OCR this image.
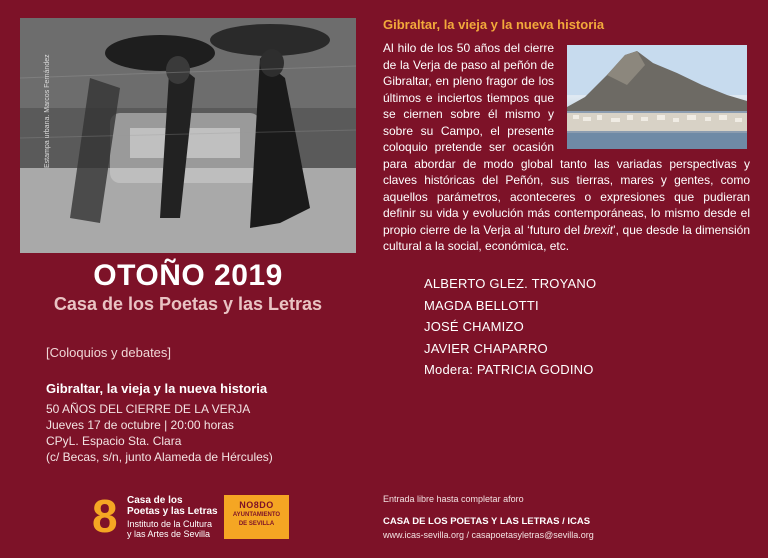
Estampa urbana. Marcos Fernández
OTOÑO 2019
Casa de los Poetas y las Letras
[Coloquios y debates]
Gibraltar, la vieja y la nueva historia
50 AÑOS DEL CIERRE DE LA VERJA
Jueves 17 de octubre | 20:00 horas
CPyL. Espacio Sta. Clara
(c/ Becas, s/n, junto Alameda de Hércules)
Gibraltar, la vieja y la nueva historia
Al hilo de los 50 años del cierre de la Verja de paso al peñón de Gibraltar, en pleno fragor de los últimos e inciertos tiempos que se ciernen sobre él mismo y sobre su Campo, el presente coloquio pretende ser ocasión para abordar de modo global tanto las variadas perspectivas y claves históricas del Peñón, sus tierras, mares y gentes, como aquellos parámetros, aconteceres o expresiones que pudieran definir su vida y evolución más contemporáneas, lo mismo desde el propio cierre de la Verja al ‘futuro del brexit’, que desde la dimensión cultural a la social, económica, etc.
ALBERTO GLEZ. TROYANO
MAGDA BELLOTTI
JOSÉ CHAMIZO
JAVIER CHAPARRO
Modera: PATRICIA GODINO
8 Casa de los
Poetas y las Letras
Instituto de la Cultura
y las Artes de Sevilla
NO8DO
AYUNTAMIENTO
DE SEVILLA
Entrada libre hasta completar aforo
CASA DE LOS POETAS Y LAS LETRAS / ICAS
www.icas-sevilla.org / casapoetasyletras@sevilla.org
